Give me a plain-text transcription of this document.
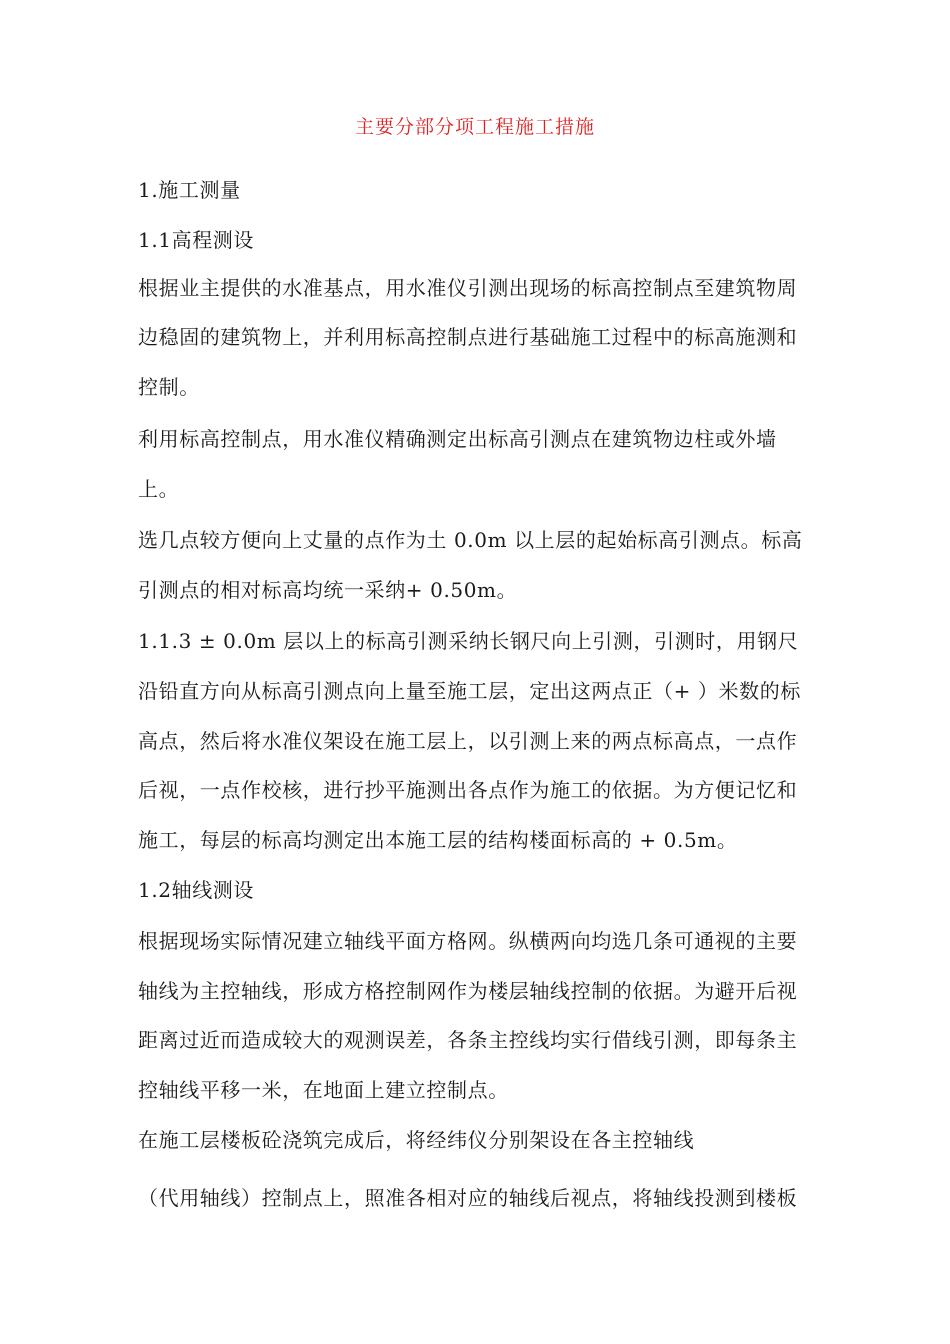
主要分部分项工程施工措施
1.施工测量
1.1高程测设
根据业主提供的水准基点，用水准仪引测出现场的标高控制点至建筑物周
边稳固的建筑物上，并利用标高控制点进行基础施工过程中的标高施测和
控制。
利用标高控制点，用水准仪精确测定出标高引测点在建筑物边柱或外墙
上。
选几点较方便向上丈量的点作为土 0.0m 以上层的起始标高引测点。标高
引测点的相对标高均统一采纳+ 0.50m。
1.1.3 ± 0.0m 层以上的标高引测采纳长钢尺向上引测，引测时，用钢尺
沿铅直方向从标高引测点向上量至施工层，定出这两点正（+ ）米数的标
高点，然后将水准仪架设在施工层上，以引测上来的两点标高点，一点作
后视，一点作校核，进行抄平施测出各点作为施工的依据。为方便记忆和
施工，每层的标高均测定出本施工层的结构楼面标高的 + 0.5m。
1.2轴线测设
根据现场实际情况建立轴线平面方格网。纵横两向均选几条可通视的主要
轴线为主控轴线，形成方格控制网作为楼层轴线控制的依据。为避开后视
距离过近而造成较大的观测误差，各条主控线均实行借线引测，即每条主
控轴线平移一米，在地面上建立控制点。
在施工层楼板砼浇筑完成后，将经纬仪分别架设在各主控轴线
（代用轴线）控制点上，照准各相对应的轴线后视点，将轴线投测到楼板
